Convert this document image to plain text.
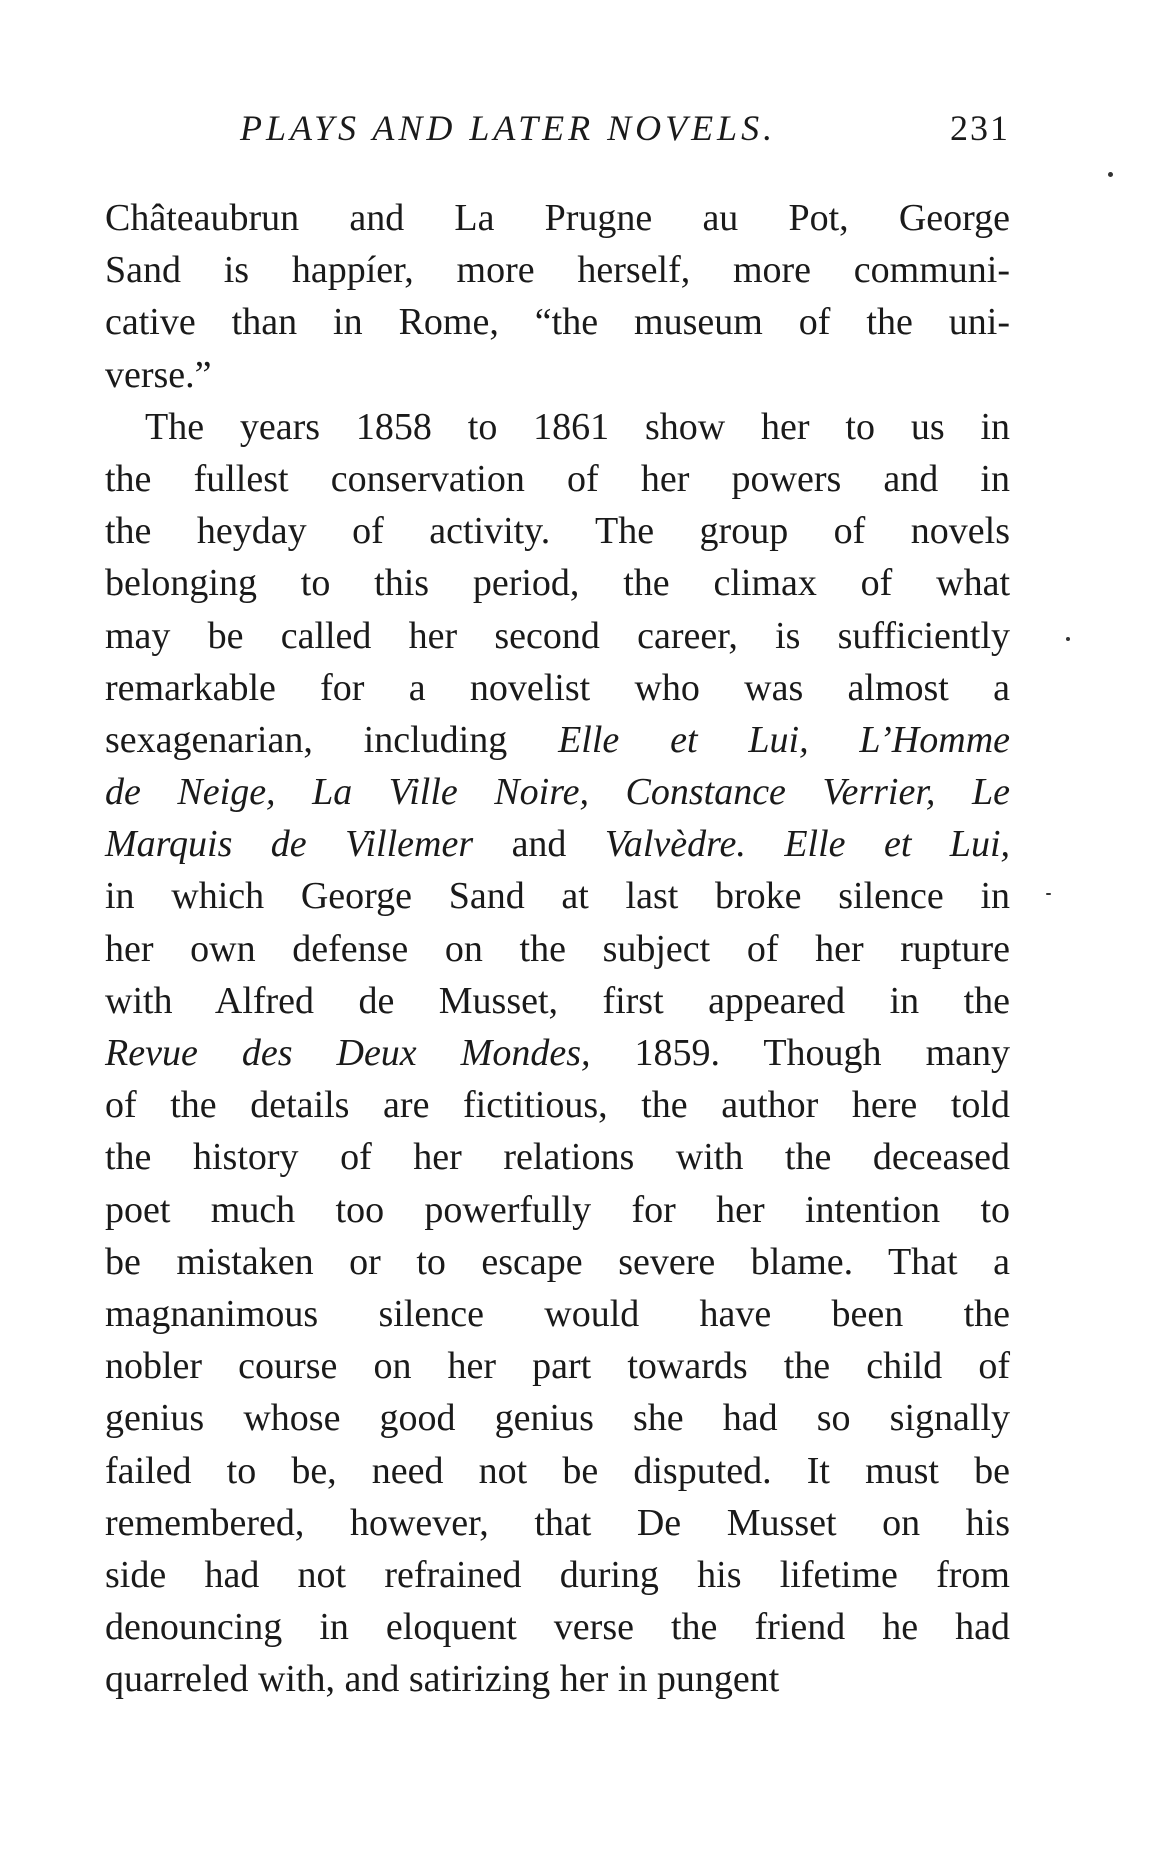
PLAYS AND LATER NOVELS.	231
Châteaubrun and La Prugne au Pot, George
Sand is happíer, more herself, more communi-
cative than in Rome, “the museum of the uni-
verse.”
The years 1858 to 1861 show her to us in
the fullest conservation of her powers and in
the heyday of activity. The group of novels
belonging to this period, the climax of what
may be called her second career, is sufficiently
remarkable for a novelist who was almost a
sexagenarian, including Elle et Lui, L’Homme
de Neige, La Ville Noire, Constance Verrier, Le
Marquis de Villemer and Valvèdre. Elle et Lui,
in which George Sand at last broke silence in
her own defense on the subject of her rupture
with Alfred de Musset, first appeared in the
Revue des Deux Mondes, 1859. Though many
of the details are fictitious, the author here told
the history of her relations with the deceased
poet much too powerfully for her intention to
be mistaken or to escape severe blame. That a
magnanimous silence would have been the
nobler course on her part towards the child of
genius whose good genius she had so signally
failed to be, need not be disputed. It must be
remembered, however, that De Musset on his
side had not refrained during his lifetime from
denouncing in eloquent verse the friend he had
quarreled with, and satirizing her in pungent
